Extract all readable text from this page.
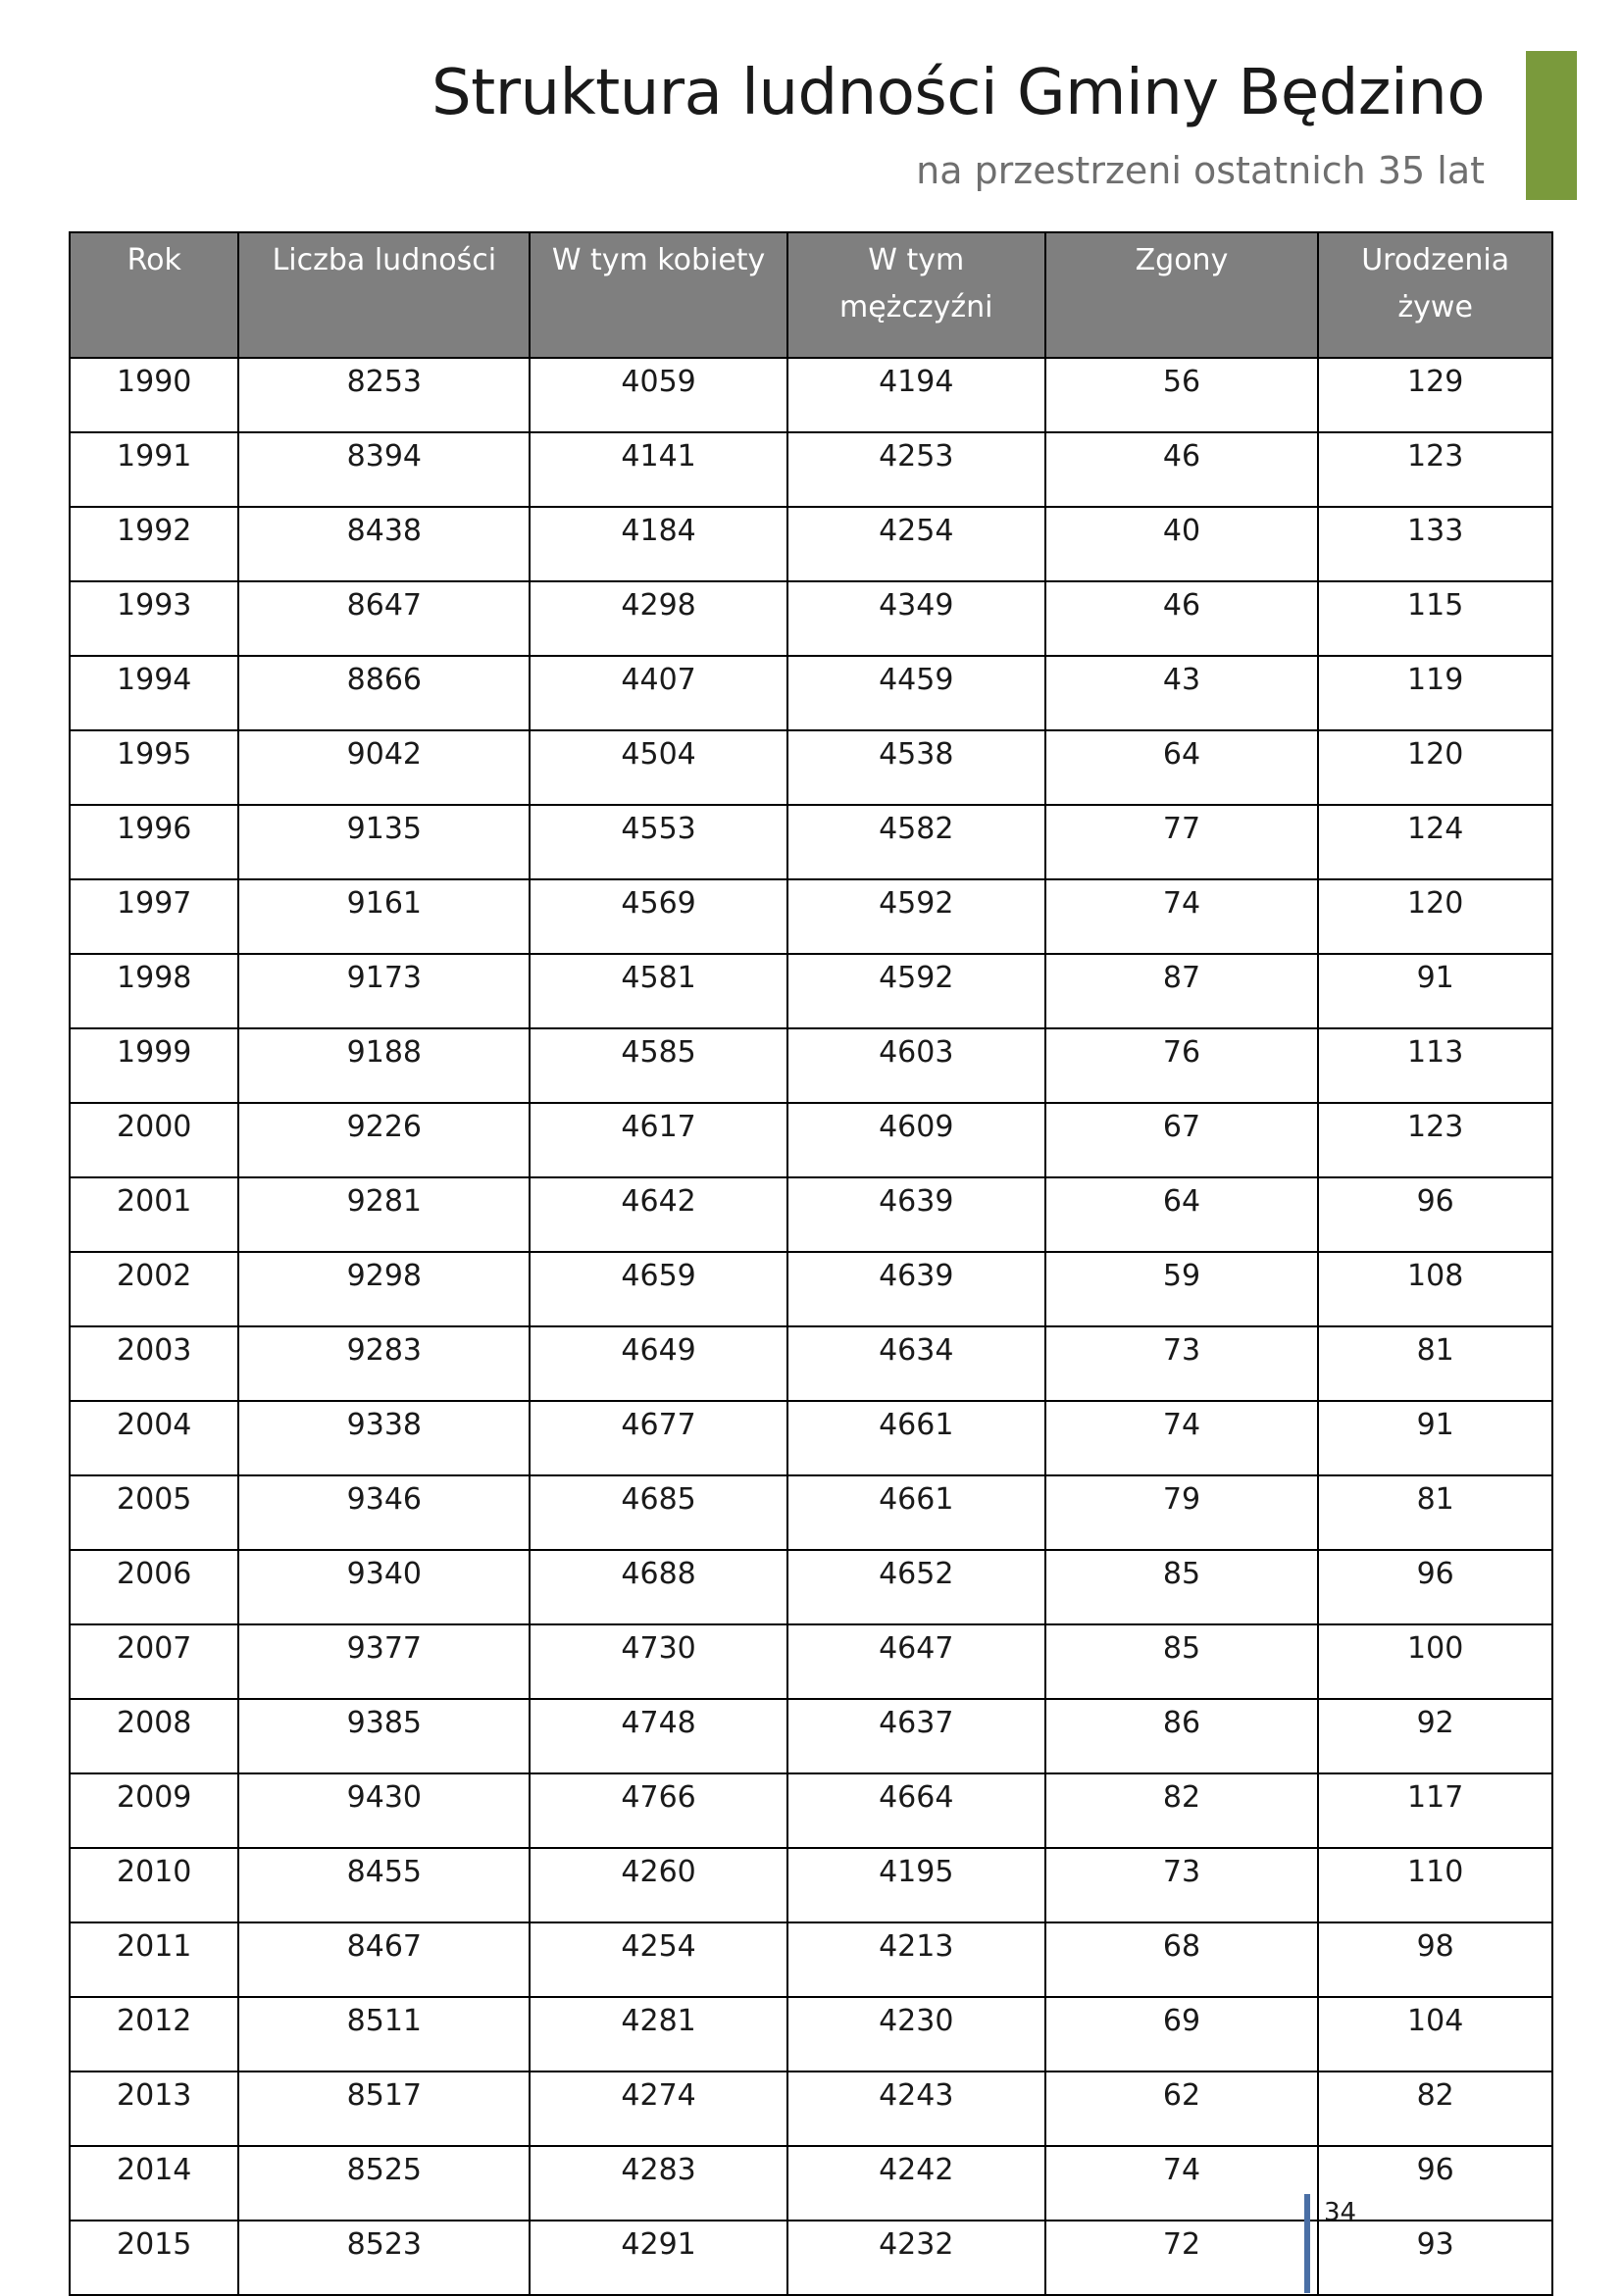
Struktura ludności Gminy Będzino
na przestrzeni ostatnich 35 lat
Rok	Liczba ludności	W tym kobiety	W tym mężczyźni	Zgony	Urodzenia żywe
1990	8253	4059	4194	56	129
1991	8394	4141	4253	46	123
1992	8438	4184	4254	40	133
1993	8647	4298	4349	46	115
1994	8866	4407	4459	43	119
1995	9042	4504	4538	64	120
1996	9135	4553	4582	77	124
1997	9161	4569	4592	74	120
1998	9173	4581	4592	87	91
1999	9188	4585	4603	76	113
2000	9226	4617	4609	67	123
2001	9281	4642	4639	64	96
2002	9298	4659	4639	59	108
2003	9283	4649	4634	73	81
2004	9338	4677	4661	74	91
2005	9346	4685	4661	79	81
2006	9340	4688	4652	85	96
2007	9377	4730	4647	85	100
2008	9385	4748	4637	86	92
2009	9430	4766	4664	82	117
2010	8455	4260	4195	73	110
2011	8467	4254	4213	68	98
2012	8511	4281	4230	69	104
2013	8517	4274	4243	62	82
2014	8525	4283	4242	74	96
2015	8523	4291	4232	72	93
34
